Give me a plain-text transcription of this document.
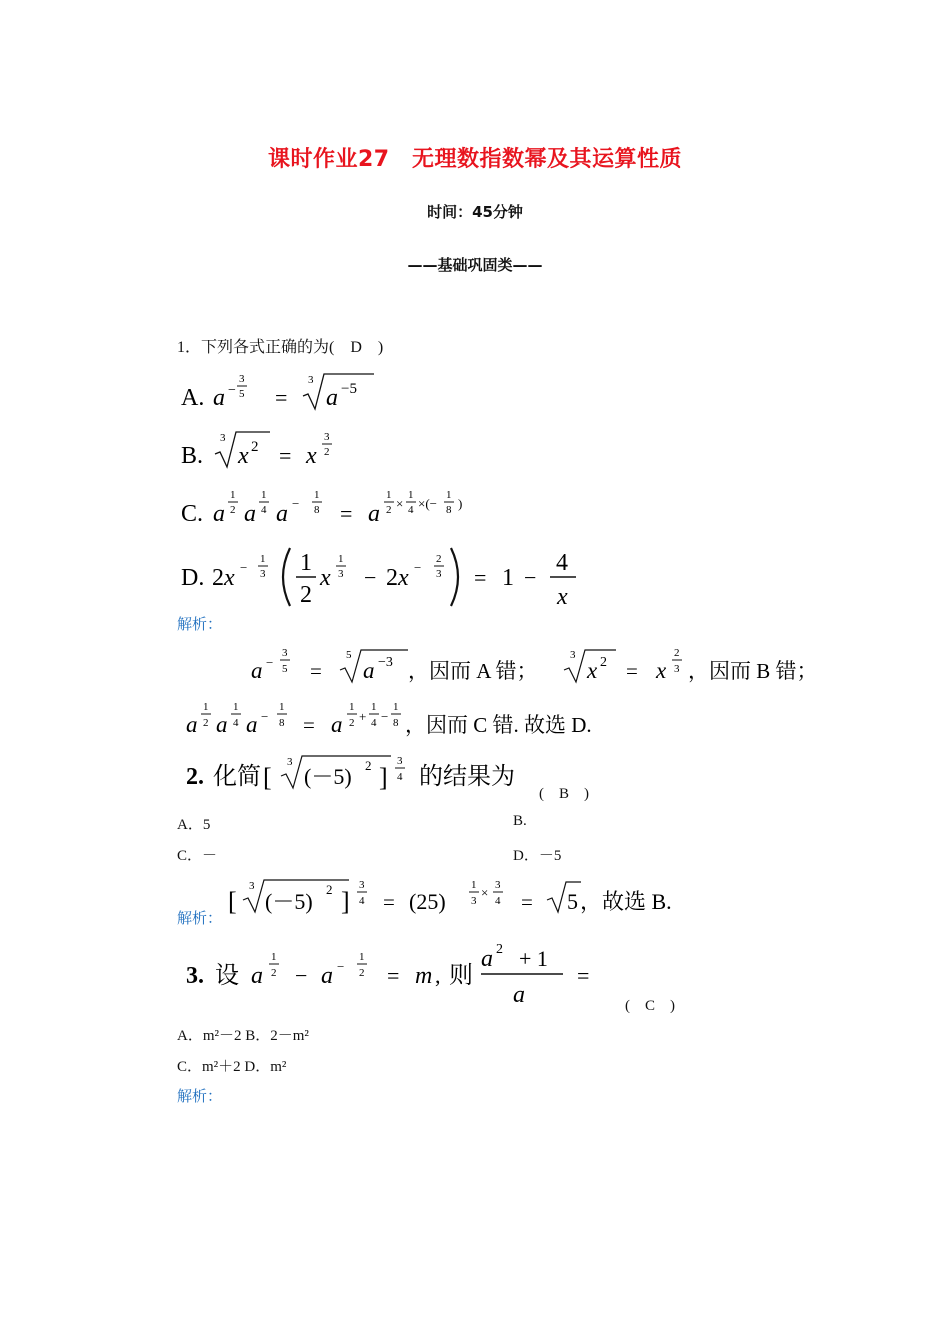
课时作业27　无理数指数幂及其运算性质
时间：45分钟
——基础巩固类——
1．下列各式正确的为(　D　)
A. a −
3
5 =
3
a −5
B.
3
x 2 = x
3
2
C. a
1
2 a
1
4 a −
1
8 = a
1
2 ×
1
4 ×(−
1
8 )
D. 2x −
1
3 1
2
x
1
3 − 2x −
2
3 = 1 −
4
x
解析：
a −
3
5 =
5
a −3 ，因而 A 错；
3
x 2 = x
2
3 ，因而 B 错；
a
1
2 a
1
4 a −
1
8 = a
1
2 +
1
4 −
1
8 ，因而 C 错. 故选 D.
2. 化简 [
3
(－5) 2 ]
3
4 的结果为
(　B　)
A．5	B.
C．－	D．－5
解析：
[
3
(－5) 2 ]
3
4 = (25)
1
3
× 3
4 = 5 ，故选 B.
3. 设 a
1
2 − a −
1
2 = m , 则
a 2 + 1
a
=
(　C　)
A．m²－2 B．2－m²
C．m²＋2 D．m²
解析：
